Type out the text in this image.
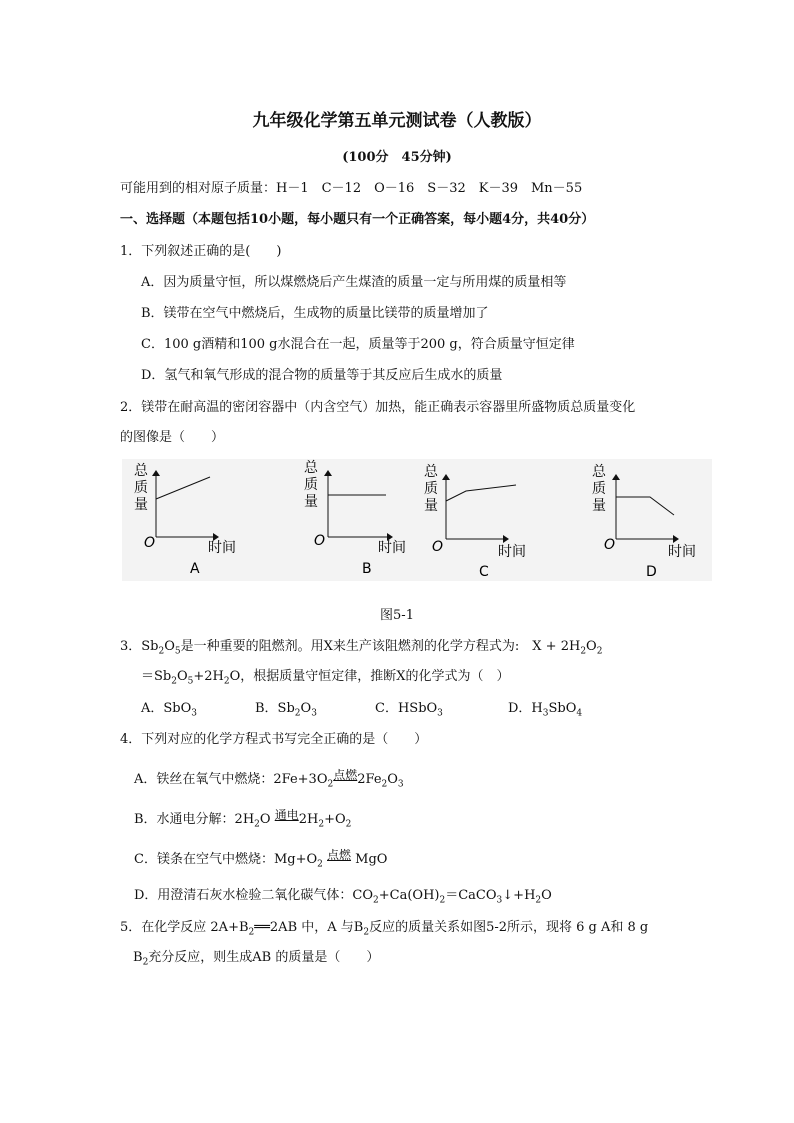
九年级化学第五单元测试卷（人教版）
(100分　45分钟)
可能用到的相对原子质量：H－1　C－12　O－16　S－32　K－39　Mn－55
一、选择题（本题包括10小题，每小题只有一个正确答案，每小题4分，共40分）
1．下列叙述正确的是(　　)
A．因为质量守恒，所以煤燃烧后产生煤渣的质量一定与所用煤的质量相等
B．镁带在空气中燃烧后，生成物的质量比镁带的质量增加了
C．100 g酒精和100 g水混合在一起，质量等于200 g，符合质量守恒定律
D．氢气和氧气形成的混合物的质量等于其反应后生成水的质量
2．镁带在耐高温的密闭容器中（内含空气）加热，能正确表示容器里所盛物质总质量变化
的图像是（　　）
总
质
量
O	时间
A
总
质
量
O	时间
B
总
质
量
O	时间
C
总
质
量
O	时间
D
图5-1
3．$Sb_2O_5$是一种重要的阻燃剂。用X来生产该阻燃剂的化学方程式为:　$X + 2H_2O_2$
$=Sb_2O_5+2H_2O$，根据质量守恒定律，推断X的化学式为（　）
A．SbO$_3$	B．$Sb_2O_3$	C．HSbO$_3$	D．$H_3SbO_4$
4．下列对应的化学方程式书写完全正确的是（　　）
A．铁丝在氧气中燃烧：$2Fe+3O_2$点燃$2Fe_2O_3$
B．水通电分解：$2H_2O$ 通电$2H_2+O_2$
C．镁条在空气中燃烧：$Mg+O_2$ 点燃 MgO
D．用澄清石灰水检验二氧化碳气体：$CO_2+Ca(OH)_2=CaCO_3↓+H_2O$
5．在化学反应 $2A+B_2══2AB$ 中，A 与$B_2$反应的质量关系如图5-2所示，现将 6 g A和 8 g
$B_2$充分反应，则生成AB 的质量是（　　）
